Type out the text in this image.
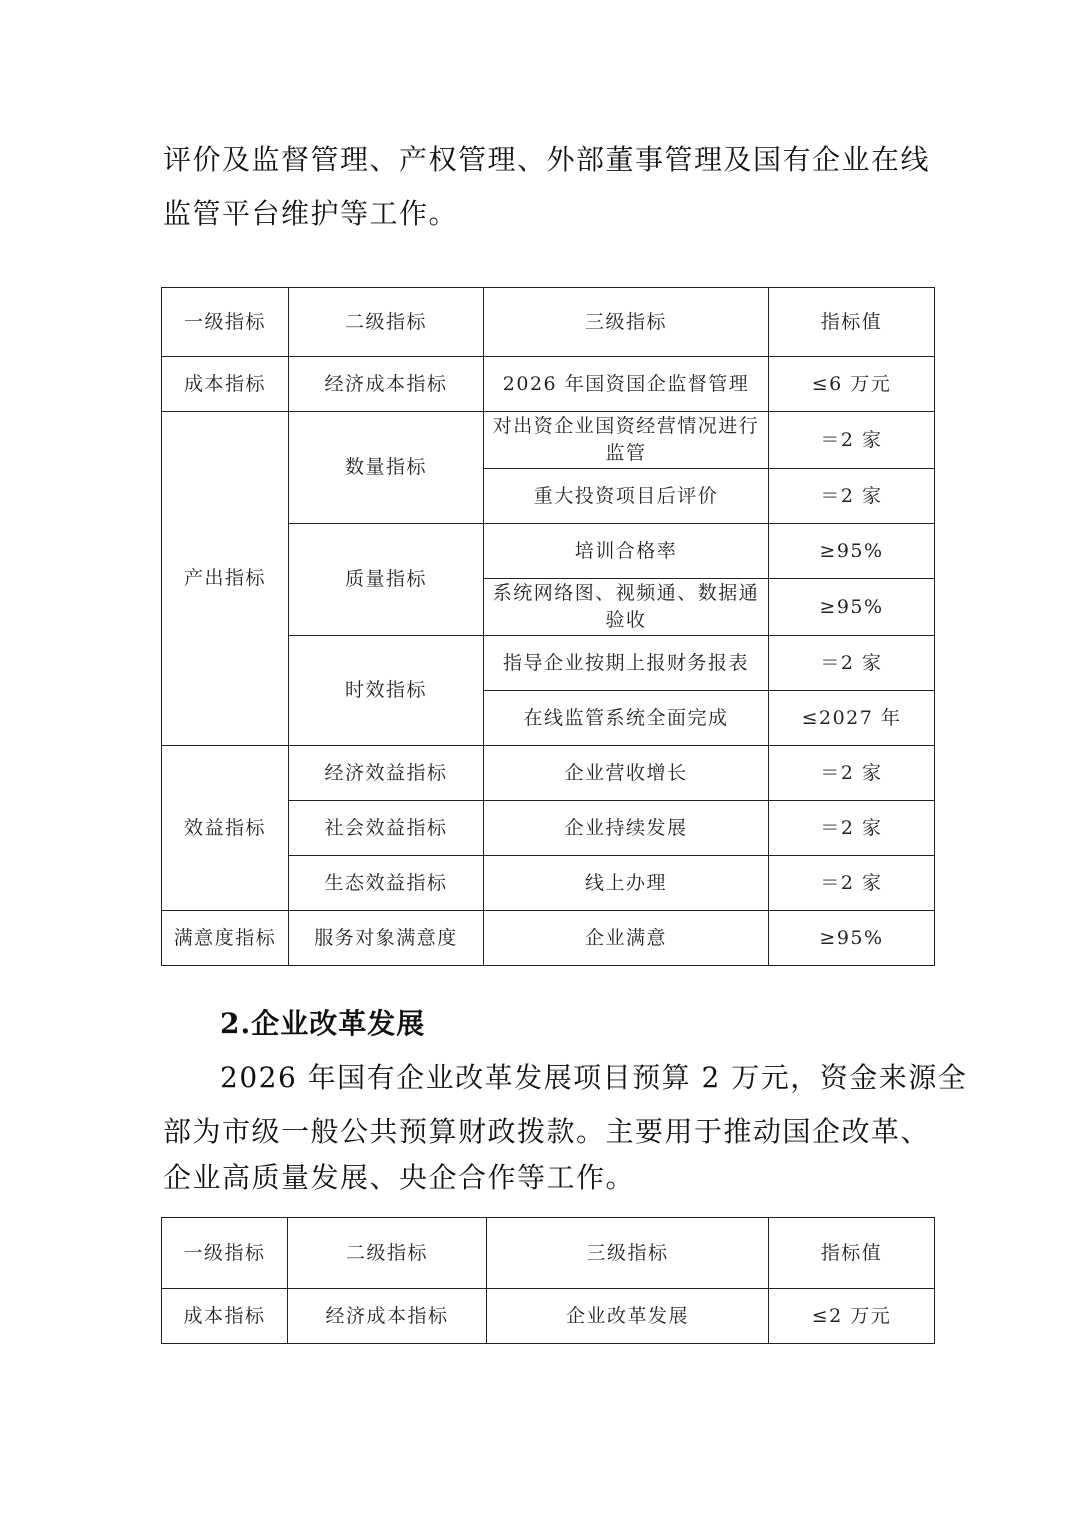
评价及监督管理、产权管理、外部董事管理及国有企业在线

监管平台维护等工作。

一级指标	二级指标	三级指标	指标值
成本指标	经济成本指标	2026 年国资国企监督管理	≤6 万元
产出指标	数量指标	对出资企业国资经营情况进行监管	＝2 家
		重大投资项目后评价	＝2 家
	质量指标	培训合格率	≥95%
		系统网络图、视频通、数据通验收	≥95%
	时效指标	指导企业按期上报财务报表	＝2 家
		在线监管系统全面完成	≤2027 年
效益指标	经济效益指标	企业营收增长	＝2 家
	社会效益指标	企业持续发展	＝2 家
	生态效益指标	线上办理	＝2 家
满意度指标	服务对象满意度	企业满意	≥95%

2.企业改革发展

2026 年国有企业改革发展项目预算 2 万元，资金来源全

部为市级一般公共预算财政拨款。主要用于推动国企改革、

企业高质量发展、央企合作等工作。

一级指标	二级指标	三级指标	指标值
成本指标	经济成本指标	企业改革发展	≤2 万元
